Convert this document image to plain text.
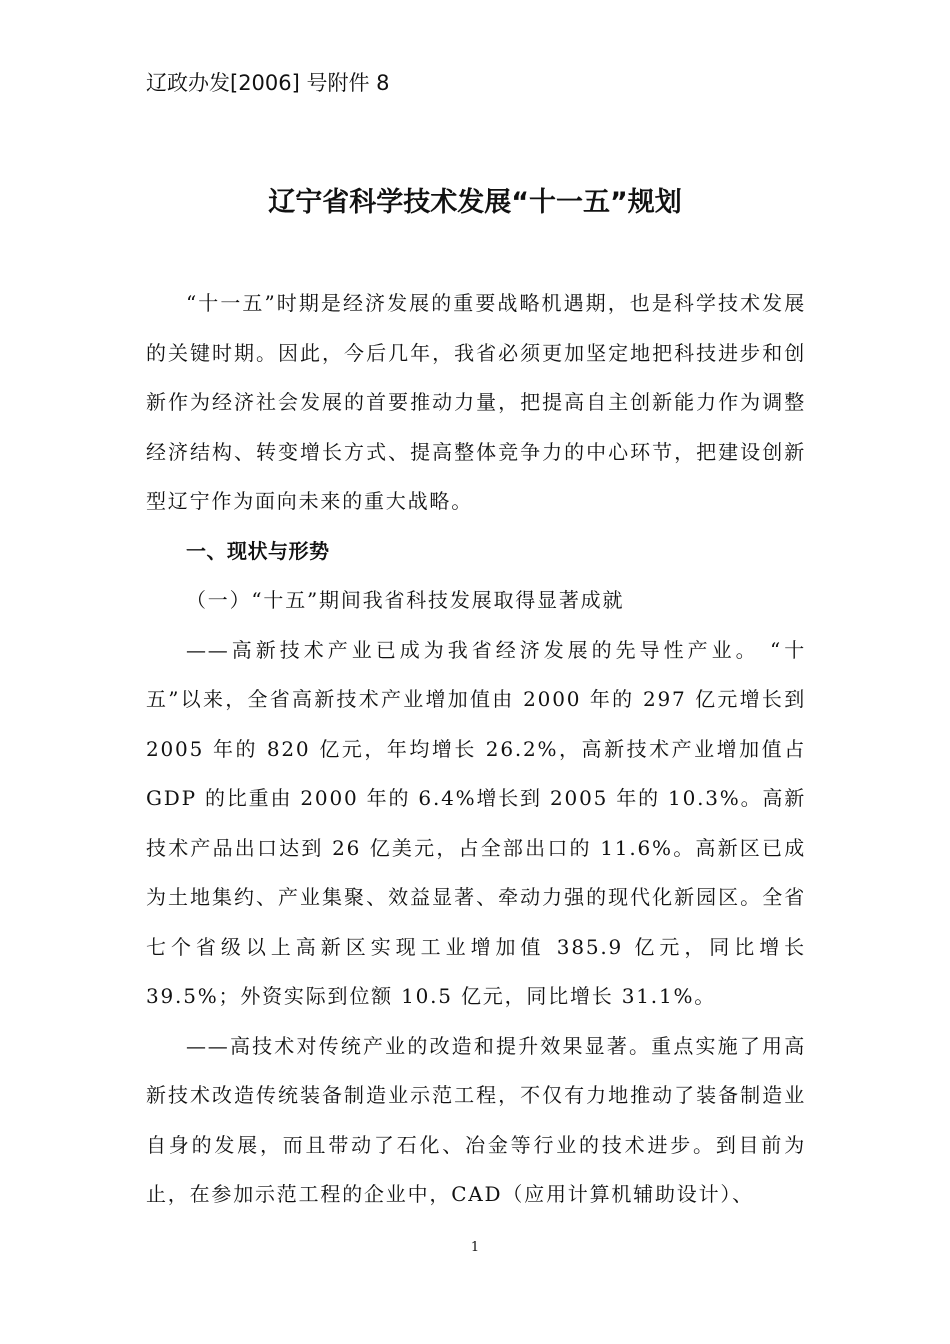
辽政办发[2006] 号附件 8
辽宁省科学技术发展“十一五”规划

“十一五”时期是经济发展的重要战略机遇期，也是科学技术发展的关键时期。因此，今后几年，我省必须更加坚定地把科技进步和创新作为经济社会发展的首要推动力量，把提高自主创新能力作为调整经济结构、转变增长方式、提高整体竞争力的中心环节，把建设创新型辽宁作为面向未来的重大战略。

一、现状与形势

（一）“十五”期间我省科技发展取得显著成就

——高新技术产业已成为我省经济发展的先导性产业。 “十五”以来，全省高新技术产业增加值由 2000 年的 297 亿元增长到 2005 年的 820 亿元，年均增长 26.2%，高新技术产业增加值占 GDP 的比重由 2000 年的 6.4%增长到 2005 年的 10.3%。高新技术产品出口达到 26 亿美元，占全部出口的 11.6%。高新区已成为土地集约、产业集聚、效益显著、牵动力强的现代化新园区。全省七个省级以上高新区实现工业增加值 385.9 亿元，同比增长 39.5%；外资实际到位额 10.5 亿元，同比增长 31.1%。

——高技术对传统产业的改造和提升效果显著。重点实施了用高新技术改造传统装备制造业示范工程，不仅有力地推动了装备制造业自身的发展，而且带动了石化、冶金等行业的技术进步。到目前为止，在参加示范工程的企业中，CAD（应用计算机辅助设计）、

1
